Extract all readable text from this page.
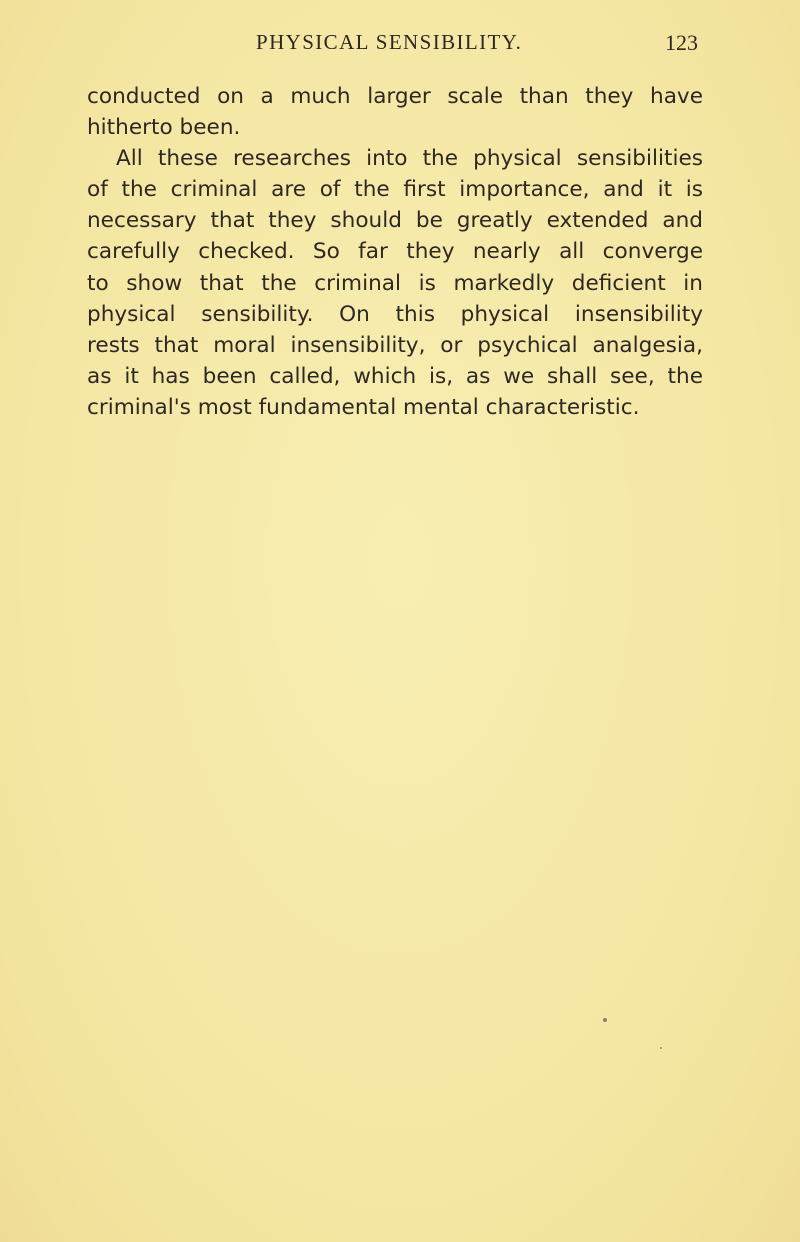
PHYSICAL SENSIBILITY.	123
conducted on a much larger scale than they have
hitherto been.
All these researches into the physical sensibilities
of the criminal are of the first importance, and it is
necessary that they should be greatly extended and
carefully checked. So far they nearly all converge
to show that the criminal is markedly deficient in
physical sensibility. On this physical insensibility
rests that moral insensibility, or psychical analgesia,
as it has been called, which is, as we shall see, the
criminal's most fundamental mental characteristic.
